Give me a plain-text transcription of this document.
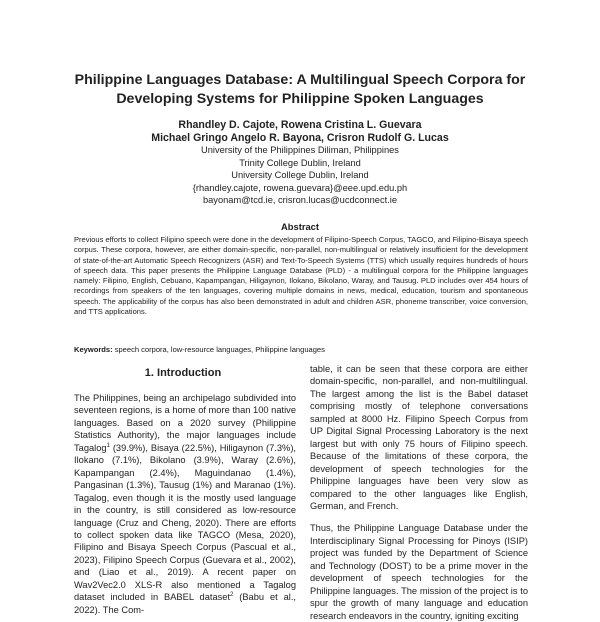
Philippine Languages Database: A Multilingual Speech Corpora for Developing Systems for Philippine Spoken Languages
Rhandley D. Cajote, Rowena Cristina L. Guevara
Michael Gringo Angelo R. Bayona, Crisron Rudolf G. Lucas
University of the Philippines Diliman, Philippines
Trinity College Dublin, Ireland
University College Dublin, Ireland
{rhandley.cajote, rowena.guevara}@eee.upd.edu.ph
bayonam@tcd.ie, crisron.lucas@ucdconnect.ie
Abstract
Previous efforts to collect Filipino speech were done in the development of Filipino-Speech Corpus, TAGCO, and Filipino-Bisaya speech corpus. These corpora, however, are either domain-specific, non-parallel, non-multilingual or relatively insufficient for the development of state-of-the-art Automatic Speech Recognizers (ASR) and Text-To-Speech Systems (TTS) which usually requires hundreds of hours of speech data. This paper presents the Philippine Language Database (PLD) - a multilingual corpora for the Philippine languages namely: Filipino, English, Cebuano, Kapampangan, Hiligaynon, Ilokano, Bikolano, Waray, and Tausug. PLD includes over 454 hours of recordings from speakers of the ten languages, covering multiple domains in news, medical, education, tourism and spontaneous speech. The applicability of the corpus has also been demonstrated in adult and children ASR, phoneme transcriber, voice conversion, and TTS applications.
Keywords: speech corpora, low-resource languages, Philippine languages
1. Introduction

The Philippines, being an archipelago subdivided into seventeen regions, is a home of more than 100 native languages. Based on a 2020 survey (Philippine Statistics Authority), the major languages include Tagalog$^1$ (39.9%), Bisaya (22.5%), Hiligaynon (7.3%), Ilokano (7.1%), Bikolano (3.9%), Waray (2.6%), Kapampangan (2.4%), Maguindanao (1.4%), Pangasinan (1.3%), Tausug (1%) and Maranao (1%). Tagalog, even though it is the mostly used language in the country, is still considered as low-resource language (Cruz and Cheng, 2020). There are efforts to collect spoken data like TAGCO (Mesa, 2020), Filipino and Bisaya Speech Corpus (Pascual et al., 2023), Filipino Speech Corpus (Guevara et al., 2002), and (Liao et al., 2019). A recent paper on Wav2Vec2.0 XLS-R also mentioned a Tagalog dataset included in BABEL dataset$^2$ (Babu et al., 2022). The Com-

table, it can be seen that these corpora are either domain-specific, non-parallel, and non-multilingual. The largest among the list is the Babel dataset comprising mostly of telephone conversations sampled at 8000 Hz. Filipino Speech Corpus from UP Digital Signal Processing Laboratory is the next largest but with only 75 hours of Filipino speech. Because of the limitations of these corpora, the development of speech technologies for the Philippine languages have been very slow as compared to the other languages like English, German, and French.

Thus, the Philippine Language Database under the Interdisciplinary Signal Processing for Pinoys (ISIP) project was funded by the Department of Science and Technology (DOST) to be a prime mover in the development of speech technologies for the Philippine languages. The mission of the project is to spur the growth of many language and education research endeavors in the country, igniting exciting
